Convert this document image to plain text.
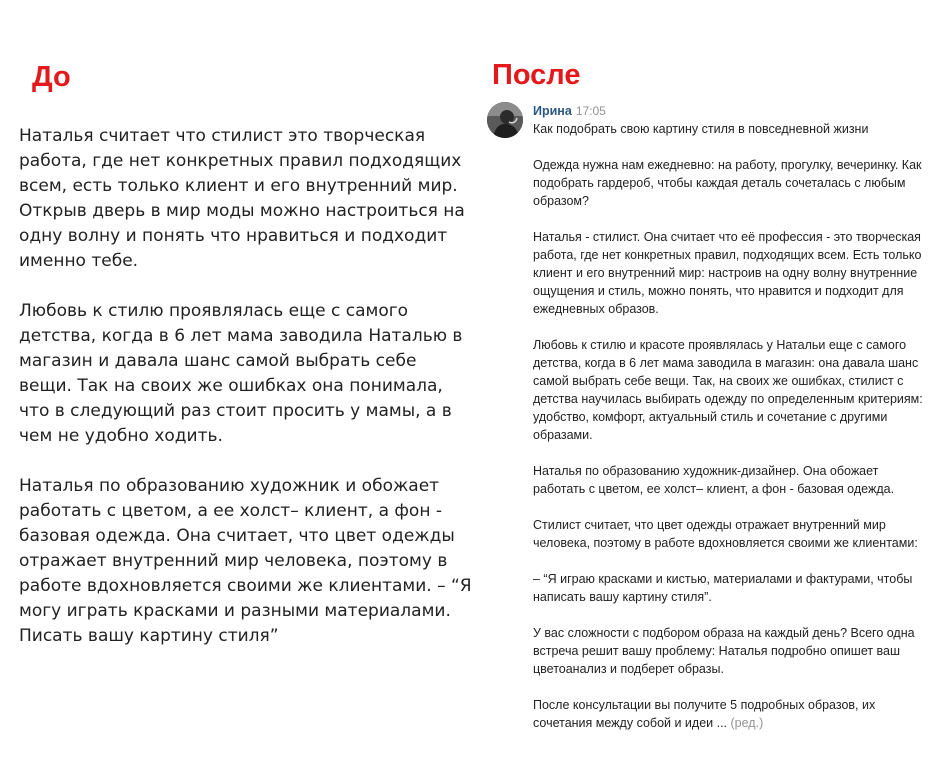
До	После

Наталья считает что стилист это творческая работа, где нет конкретных правил подходящих всем, есть только клиент и его внутренний мир. Открыв дверь в мир моды можно настроиться на одну волну и понять что нравиться и подходит именно тебе.

Любовь к стилю проявлялась еще с самого детства, когда в 6 лет мама заводила Наталью в магазин и давала шанс самой выбрать себе вещи. Так на своих же ошибках она понимала, что в следующий раз стоит просить у мамы, а в чем не удобно ходить.

Наталья по образованию художник и обожает работать с цветом, а ее холст– клиент, а фон - базовая одежда. Она считает, что цвет одежды отражает внутренний мир человека, поэтому в работе вдохновляется своими же клиентами. – “Я могу играть красками и разными материалами. Писать вашу картину стиля”

Ирина 17:05

Как подобрать свою картину стиля в повседневной жизни

Одежда нужна нам ежедневно: на работу, прогулку, вечеринку. Как подобрать гардероб, чтобы каждая деталь сочеталась с любым образом?

Наталья - стилист. Она считает что её профессия - это творческая работа, где нет конкретных правил, подходящих всем. Есть только клиент и его внутренний мир: настроив на одну волну внутренние ощущения и стиль, можно понять, что нравится и подходит для ежедневных образов.

Любовь к стилю и красоте проявлялась у Натальи еще с самого детства, когда в 6 лет мама заводила в магазин: она давала шанс самой выбрать себе вещи. Так, на своих же ошибках, стилист с детства научилась выбирать одежду по определенным критериям: удобство, комфорт, актуальный стиль и сочетание с другими образами.

Наталья по образованию художник-дизайнер. Она обожает работать с цветом, ее холст– клиент, а фон - базовая одежда.

Стилист считает, что цвет одежды отражает внутренний мир человека, поэтому в работе вдохновляется своими же клиентами:

– “Я играю красками и кистью, материалами и фактурами, чтобы написать вашу картину стиля”.

У вас сложности с подбором образа на каждый день? Всего одна встреча решит вашу проблему: Наталья подробно опишет ваш цветоанализ и подберет образы.

После консультации вы получите 5 подробных образов, их сочетания между собой и идеи ... (ред.)
